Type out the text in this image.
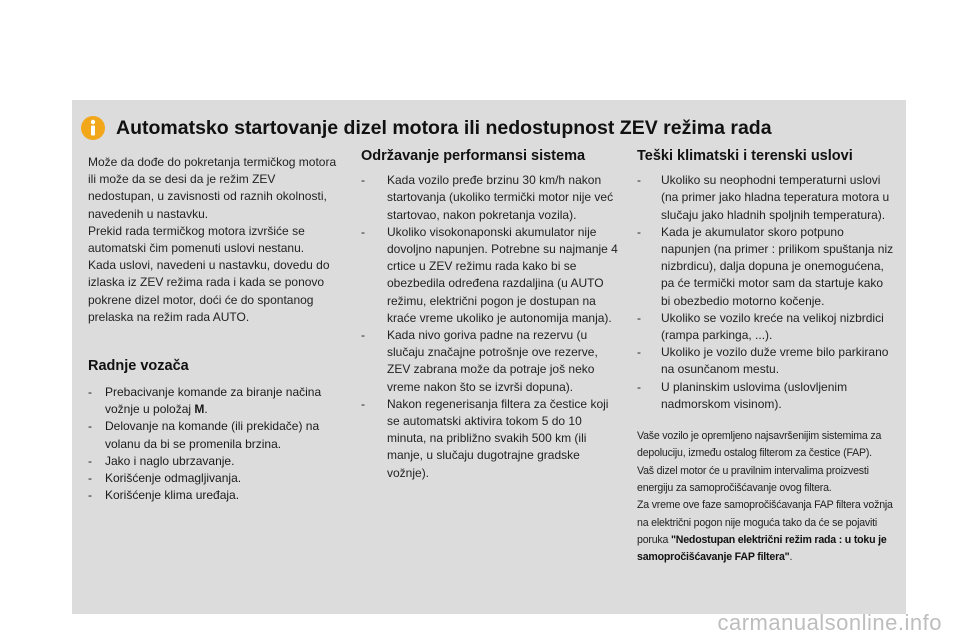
Automatsko startovanje dizel motora ili nedostupnost ZEV režima rada

Može da dođe do pokretanja termičkog motora ili može da se desi da je režim ZEV nedostupan, u zavisnosti od raznih okolnosti, navedenih u nastavku.

Prekid rada termičkog motora izvršiće se automatski čim pomenuti uslovi nestanu.

Kada uslovi, navedeni u nastavku, dovedu do izlaska iz ZEV režima rada i kada se ponovo pokrene dizel motor, doći će do spontanog prelaska na režim rada AUTO.

Radnje vozača
- Prebacivanje komande za biranje načina vožnje u položaj M.
- Delovanje na komande (ili prekidače) na volanu da bi se promenila brzina.
- Jako i naglo ubrzavanje.
- Korišćenje odmagljivanja.
- Korišćenje klima uređaja.
Održavanje performansi sistema
- Kada vozilo pređe brzinu 30 km/h nakon startovanja (ukoliko termički motor nije već startovao, nakon pokretanja vozila).
- Ukoliko visokonaponski akumulator nije dovoljno napunjen. Potrebne su najmanje 4 crtice u ZEV režimu rada kako bi se obezbedila određena razdaljina (u AUTO režimu, električni pogon je dostupan na kraće vreme ukoliko je autonomija manja).
- Kada nivo goriva padne na rezervu (u slučaju značajne potrošnje ove rezerve, ZEV zabrana može da potraje još neko vreme nakon što se izvrši dopuna).
- Nakon regenerisanja filtera za čestice koji se automatski aktivira tokom 5 do 10 minuta, na približno svakih 500 km (ili manje, u slučaju dugotrajne gradske vožnje).
Teški klimatski i terenski uslovi
- Ukoliko su neophodni temperaturni uslovi (na primer jako hladna teperatura motora u slučaju jako hladnih spoljnih temperatura).
- Kada je akumulator skoro potpuno napunjen (na primer : prilikom spuštanja niz nizbrdicu), dalja dopuna je onemogućena, pa će termički motor sam da startuje kako bi obezbedio motorno kočenje.
- Ukoliko se vozilo kreće na velikoj nizbrdici (rampa parkinga, ...).
- Ukoliko je vozilo duže vreme bilo parkirano na osunčanom mestu.
- U planinskim uslovima (uslovljenim nadmorskom visinom).

Vaše vozilo je opremljeno najsavršenijim sistemima za depoluciju, između ostalog filterom za čestice (FAP).

Vaš dizel motor će u pravilnim intervalima proizvesti energiju za samopročišćavanje ovog filtera.

Za vreme ove faze samopročišćavanja FAP filtera vožnja na električni pogon nije moguća tako da će se pojaviti poruka "Nedostupan električni režim rada : u toku je samopročišćavanje FAP filtera".

carmanualsonline.info
